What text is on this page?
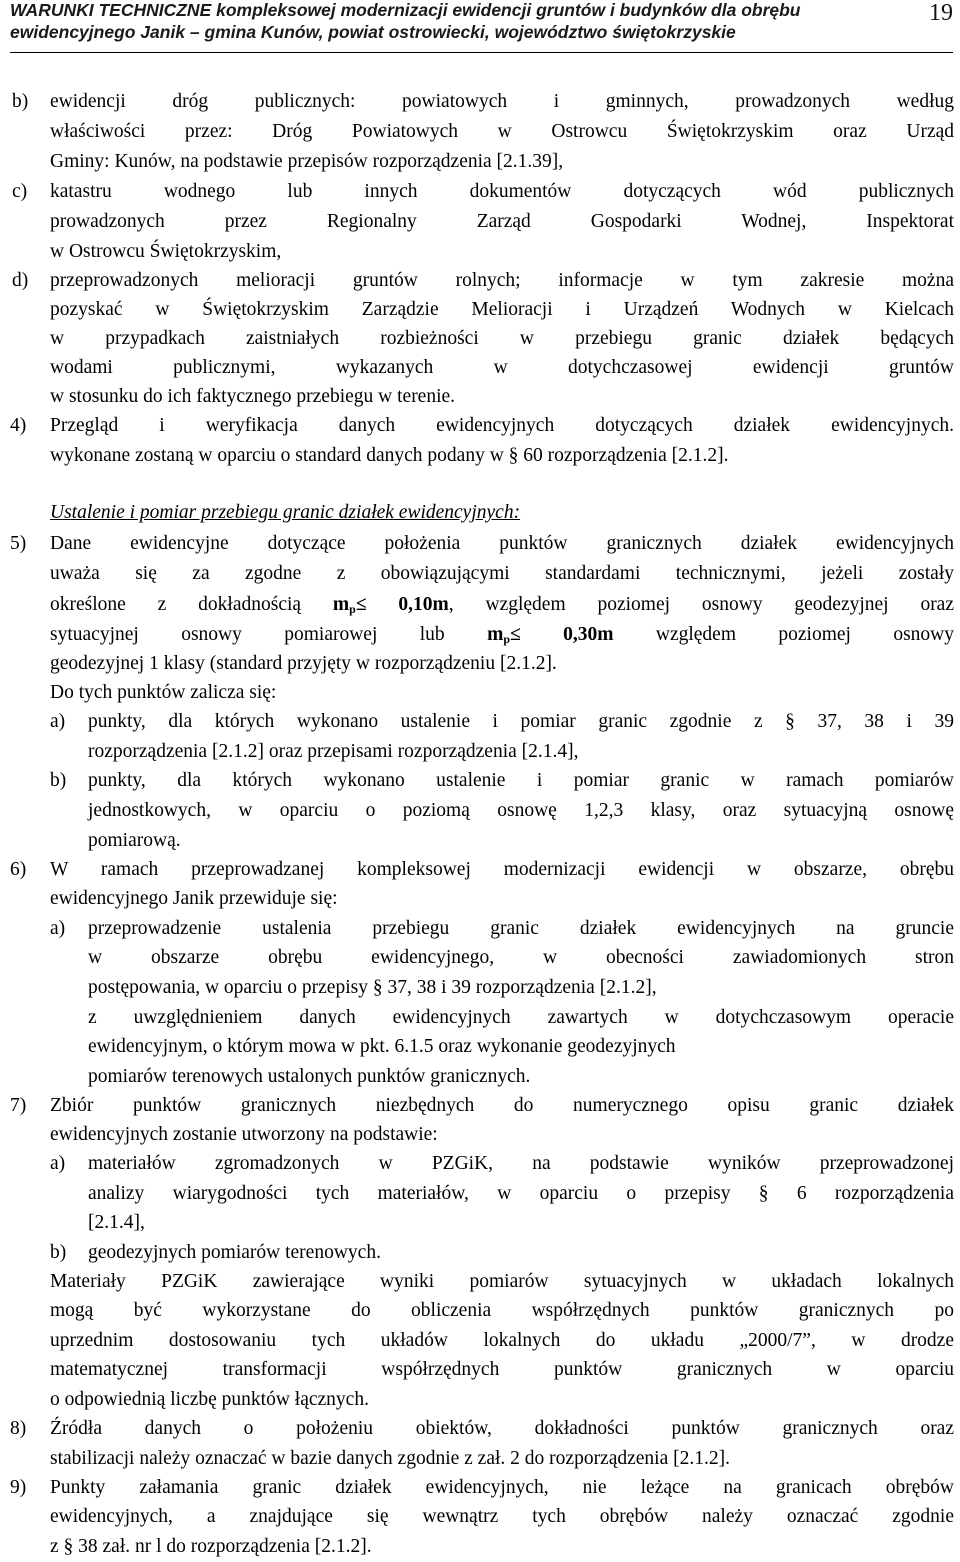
WARUNKI TECHNICZNE kompleksowej modernizacji ewidencji gruntów i budynków dla obrębu
ewidencyjnego Janik – gmina Kunów, powiat ostrowiecki, województwo świętokrzyskie
19
b) ewidencji dróg publicznych: powiatowych i gminnych, prowadzonych według
właściwości przez: Dróg Powiatowych w Ostrowcu Świętokrzyskim oraz Urząd
Gminy: Kunów, na podstawie przepisów rozporządzenia [2.1.39],
c) katastru wodnego lub innych dokumentów dotyczących wód publicznych
prowadzonych przez Regionalny Zarząd Gospodarki Wodnej, Inspektorat
w Ostrowcu Świętokrzyskim,
d) przeprowadzonych melioracji gruntów rolnych; informacje w tym zakresie można
pozyskać w Świętokrzyskim Zarządzie Melioracji i Urządzeń Wodnych w Kielcach
w przypadkach zaistniałych rozbieżności w przebiegu granic działek będących
wodami publicznymi, wykazanych w dotychczasowej ewidencji gruntów
w stosunku do ich faktycznego przebiegu w terenie.
4) Przegląd i weryfikacja danych ewidencyjnych dotyczących działek ewidencyjnych.
wykonane zostaną w oparciu o standard danych podany w § 60 rozporządzenia [2.1.2].
Ustalenie i pomiar przebiegu granic działek ewidencyjnych:
5) Dane ewidencyjne dotyczące położenia punktów granicznych działek ewidencyjnych
uważa się za zgodne z obowiązującymi standardami technicznymi, jeżeli zostały
określone z dokładnością $m_p\le 0,10m$, względem poziomej osnowy geodezyjnej oraz
sytuacyjnej osnowy pomiarowej lub $m_p\le 0,30m$ względem poziomej osnowy
geodezyjnej 1 klasy (standard przyjęty w rozporządzeniu [2.1.2].
Do tych punktów zalicza się:
a) punkty, dla których wykonano ustalenie i pomiar granic zgodnie z § 37, 38 i 39
rozporządzenia [2.1.2] oraz przepisami rozporządzenia [2.1.4],
b) punkty, dla których wykonano ustalenie i pomiar granic w ramach pomiarów
jednostkowych, w oparciu o poziomą osnowę 1,2,3 klasy, oraz sytuacyjną osnowę
pomiarową.
6) W ramach przeprowadzanej kompleksowej modernizacji ewidencji w obszarze, obrębu
ewidencyjnego Janik przewiduje się:
a) przeprowadzenie ustalenia przebiegu granic działek ewidencyjnych na gruncie
w obszarze obrębu ewidencyjnego, w obecności zawiadomionych stron
postępowania, w oparciu o przepisy § 37, 38 i 39 rozporządzenia [2.1.2],
z uwzględnieniem danych ewidencyjnych zawartych w dotychczasowym operacie
ewidencyjnym, o którym mowa w pkt. 6.1.5 oraz wykonanie geodezyjnych
pomiarów terenowych ustalonych punktów granicznych.
7) Zbiór punktów granicznych niezbędnych do numerycznego opisu granic działek
ewidencyjnych zostanie utworzony na podstawie:
a) materiałów zgromadzonych w PZGiK, na podstawie wyników przeprowadzonej
analizy wiarygodności tych materiałów, w oparciu o przepisy § 6 rozporządzenia
[2.1.4],
b) geodezyjnych pomiarów terenowych.
Materiały PZGiK zawierające wyniki pomiarów sytuacyjnych w układach lokalnych
mogą być wykorzystane do obliczenia współrzędnych punktów granicznych po
uprzednim dostosowaniu tych układów lokalnych do układu „2000/7”, w drodze
matematycznej transformacji współrzędnych punktów granicznych w oparciu
o odpowiednią liczbę punktów łącznych.
8) Źródła danych o położeniu obiektów, dokładności punktów granicznych oraz
stabilizacji należy oznaczać w bazie danych zgodnie z zał. 2 do rozporządzenia [2.1.2].
9) Punkty załamania granic działek ewidencyjnych, nie leżące na granicach obrębów
ewidencyjnych, a znajdujące się wewnątrz tych obrębów należy oznaczać zgodnie
z § 38 zał. nr l do rozporządzenia [2.1.2].
